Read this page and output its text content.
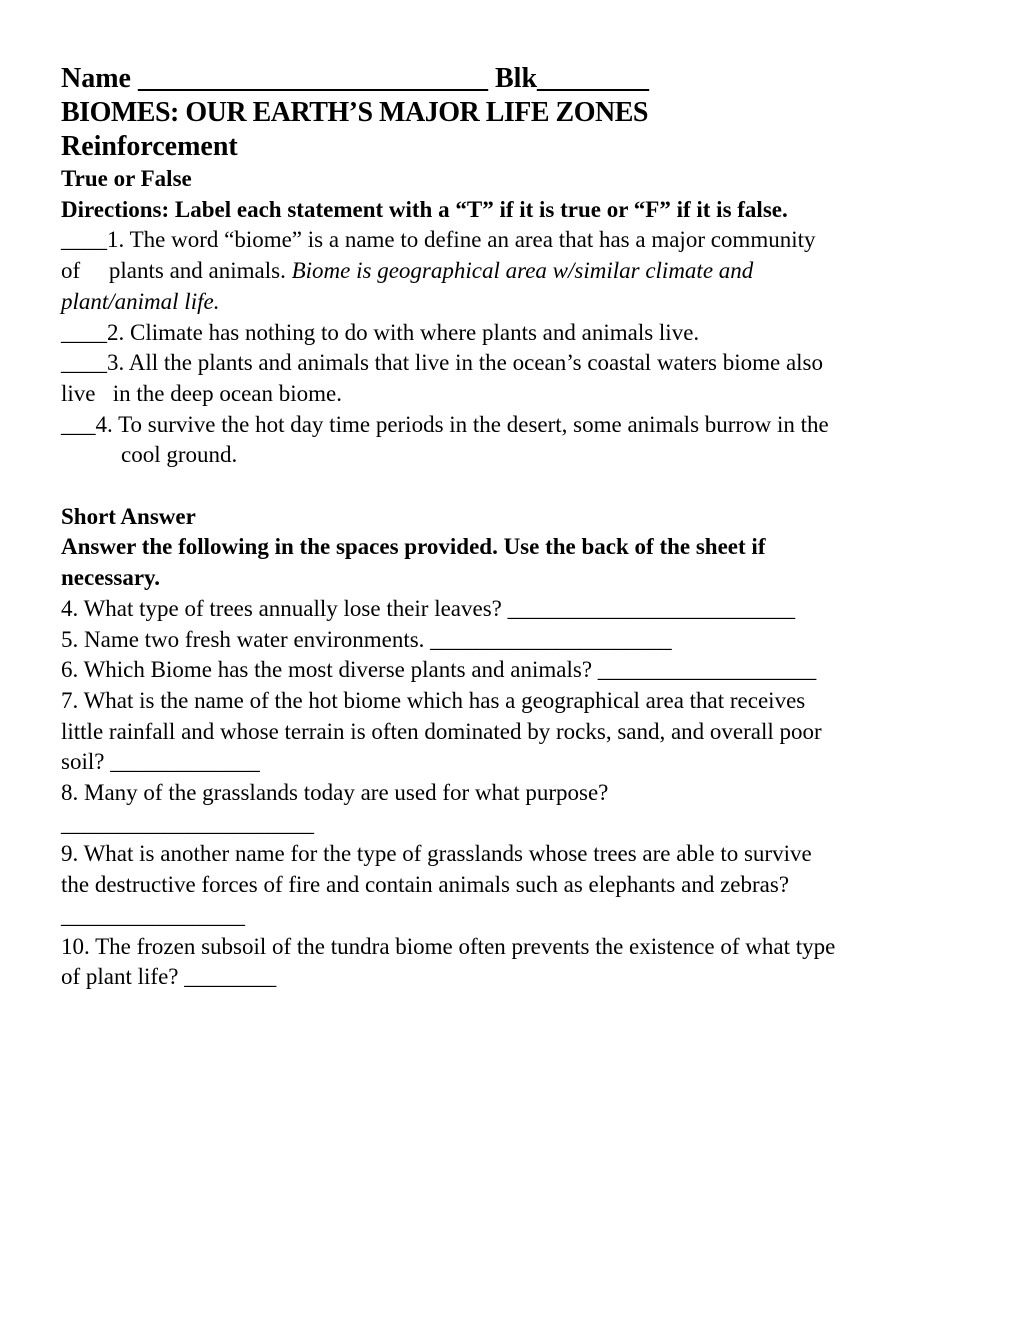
Name _________________________ Blk________
BIOMES: OUR EARTH’S MAJOR LIFE ZONES
Reinforcement
True or False
Directions: Label each statement with a “T” if it is true or “F” if it is false.
____1. The word “biome” is a name to define an area that has a major community
of     plants and animals. Biome is geographical area w/similar climate and
plant/animal life.
____2. Climate has nothing to do with where plants and animals live.
____3. All the plants and animals that live in the ocean’s coastal waters biome also
live   in the deep ocean biome.
___4. To survive the hot day time periods in the desert, some animals burrow in the
cool ground.
Short Answer
Answer the following in the spaces provided. Use the back of the sheet if
necessary.
4. What type of trees annually lose their leaves? _________________________
5. Name two fresh water environments. _____________________
6. Which Biome has the most diverse plants and animals? ___________________
7. What is the name of the hot biome which has a geographical area that receives
little rainfall and whose terrain is often dominated by rocks, sand, and overall poor
soil? _____________
8. Many of the grasslands today are used for what purpose?
______________________
9. What is another name for the type of grasslands whose trees are able to survive
the destructive forces of fire and contain animals such as elephants and zebras?
________________
10. The frozen subsoil of the tundra biome often prevents the existence of what type
of plant life? ________
